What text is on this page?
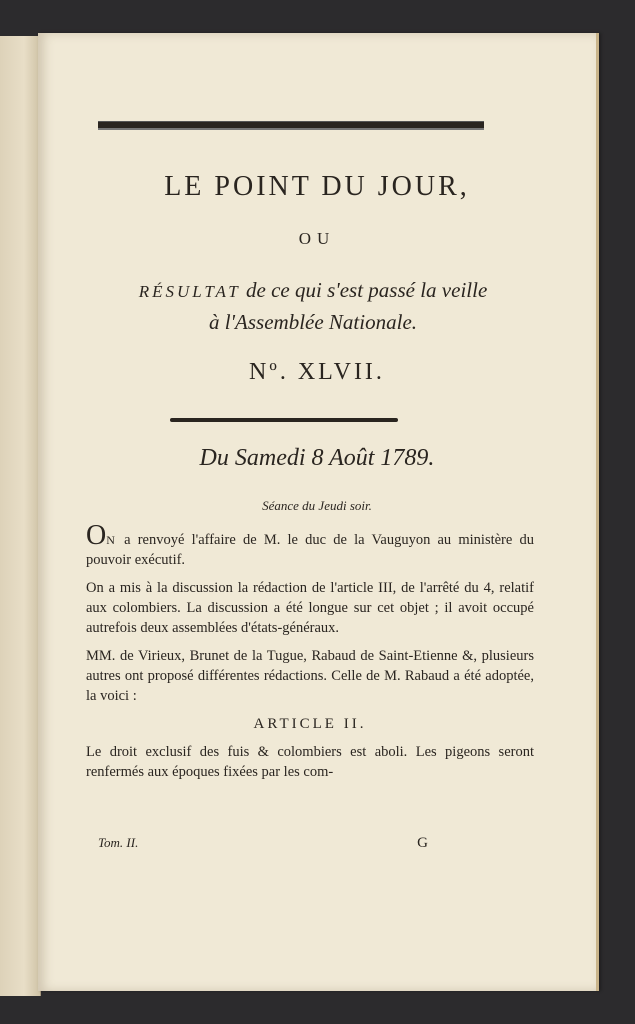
LE POINT DU JOUR,
OU
RÉSULTAT de ce qui s'est passé la veille
à l'Assemblée Nationale.
Nº. XLVII.
Du Samedi 8 Août 1789.
Séance du Jeudi soir.

ON a renvoyé l'affaire de M. le duc de la Vauguyon au ministère du pouvoir exécutif.

On a mis à la discussion la rédaction de l'article III, de l'arrêté du 4, relatif aux colombiers. La discussion a été longue sur cet objet ; il avoit occupé autrefois deux assemblées d'états-généraux.

MM. de Virieux, Brunet de la Tugue, Rabaud de Saint-Etienne &, plusieurs autres ont proposé différentes rédactions. Celle de M. Rabaud a été adoptée, la voici :

ARTICLE II.

Le droit exclusif des fuis & colombiers est aboli. Les pigeons seront renfermés aux époques fixées par les com-

Tom. II.	G
